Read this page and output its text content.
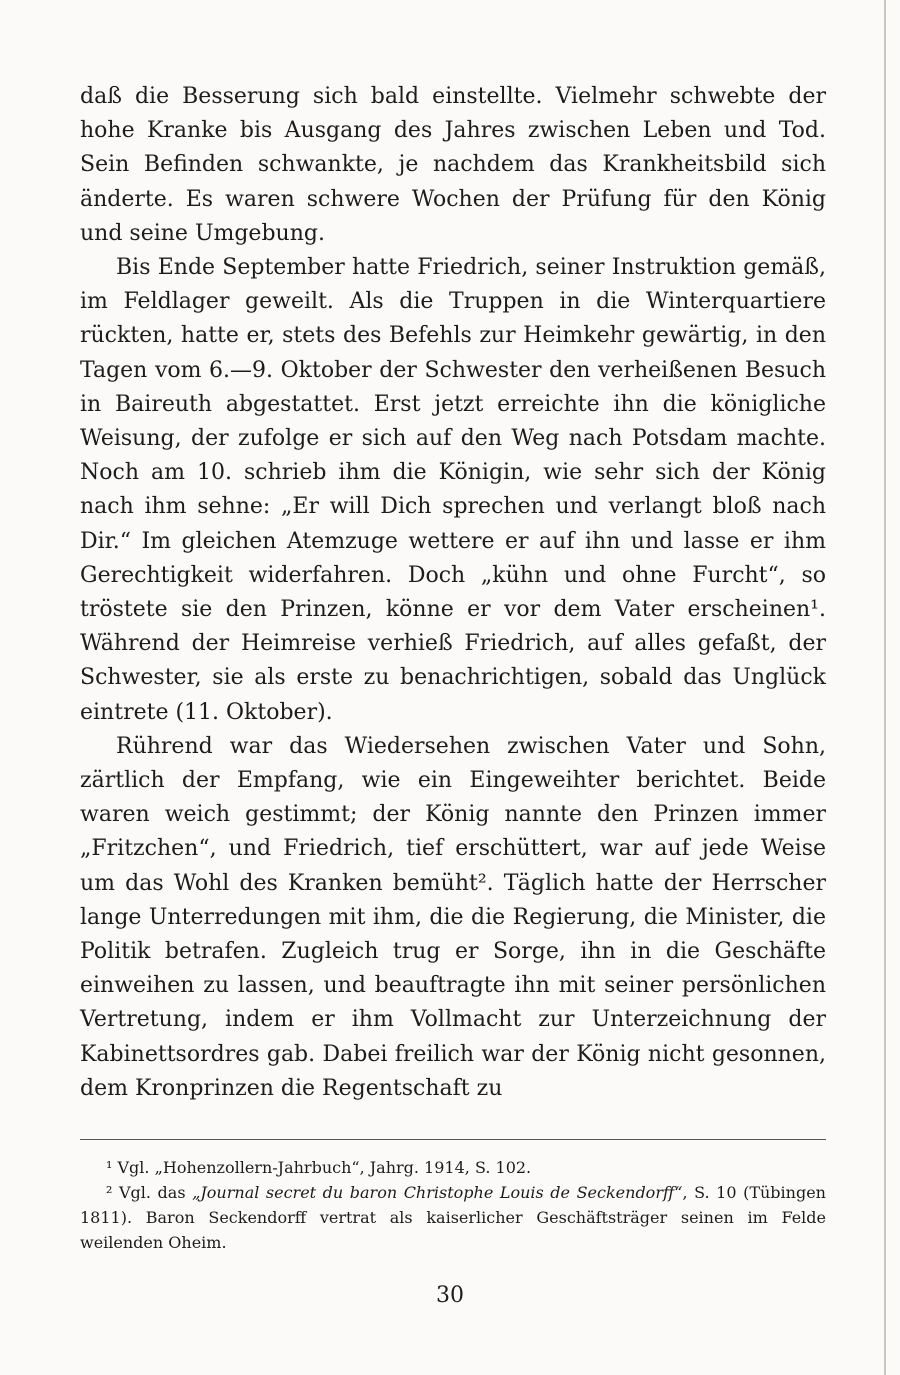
daß die Besserung sich bald einstellte. Vielmehr schwebte der hohe Kranke bis Ausgang des Jahres zwischen Leben und Tod. Sein Befinden schwankte, je nachdem das Krankheitsbild sich änderte. Es waren schwere Wochen der Prüfung für den König und seine Umgebung.

Bis Ende September hatte Friedrich, seiner Instruktion gemäß, im Feldlager geweilt. Als die Truppen in die Winterquartiere rückten, hatte er, stets des Befehls zur Heimkehr gewärtig, in den Tagen vom 6.—9. Oktober der Schwester den verheißenen Besuch in Baireuth abgestattet. Erst jetzt erreichte ihn die königliche Weisung, der zufolge er sich auf den Weg nach Potsdam machte. Noch am 10. schrieb ihm die Königin, wie sehr sich der König nach ihm sehne: „Er will Dich sprechen und verlangt bloß nach Dir.“ Im gleichen Atemzuge wettere er auf ihn und lasse er ihm Gerechtigkeit widerfahren. Doch „kühn und ohne Furcht“, so tröstete sie den Prinzen, könne er vor dem Vater erscheinen¹. Während der Heimreise verhieß Friedrich, auf alles gefaßt, der Schwester, sie als erste zu benachrichtigen, sobald das Unglück eintrete (11. Oktober).

Rührend war das Wiedersehen zwischen Vater und Sohn, zärtlich der Empfang, wie ein Eingeweihter berichtet. Beide waren weich gestimmt; der König nannte den Prinzen immer „Fritzchen“, und Friedrich, tief erschüttert, war auf jede Weise um das Wohl des Kranken bemüht². Täglich hatte der Herrscher lange Unterredungen mit ihm, die die Regierung, die Minister, die Politik betrafen. Zugleich trug er Sorge, ihn in die Geschäfte einweihen zu lassen, und beauftragte ihn mit seiner persönlichen Vertretung, indem er ihm Vollmacht zur Unterzeichnung der Kabinettsordres gab. Dabei freilich war der König nicht gesonnen, dem Kronprinzen die Regentschaft zu

¹ Vgl. „Hohenzollern-Jahrbuch“, Jahrg. 1914, S. 102.

² Vgl. das „Journal secret du baron Christophe Louis de Seckendorff“, S. 10 (Tübingen 1811). Baron Seckendorff vertrat als kaiserlicher Geschäftsträger seinen im Felde weilenden Oheim.

30
